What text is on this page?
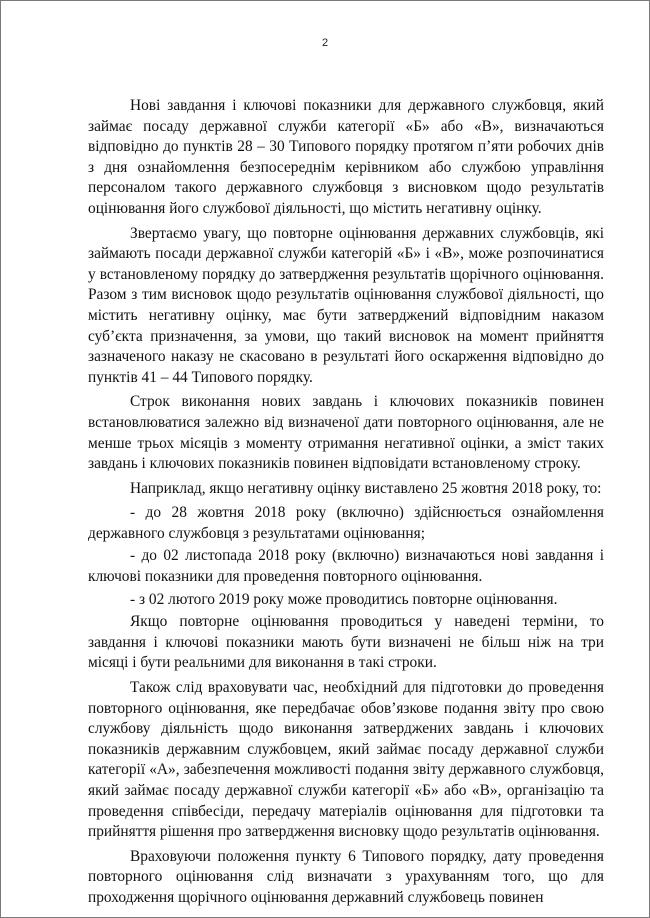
2

Нові завдання і ключові показники для державного службовця, який займає посаду державної служби категорії «Б» або «В», визначаються відповідно до пунктів 28 – 30 Типового порядку протягом п’яти робочих днів з дня ознайомлення безпосереднім керівником або службою управління персоналом такого державного службовця з висновком щодо результатів оцінювання його службової діяльності, що містить негативну оцінку.

Звертаємо увагу, що повторне оцінювання державних службовців, які займають посади державної служби категорій «Б» і «В», може розпочинатися у встановленому порядку до затвердження результатів щорічного оцінювання. Разом з тим висновок щодо результатів оцінювання службової діяльності, що містить негативну оцінку, має бути затверджений відповідним наказом суб’єкта призначення, за умови, що такий висновок на момент прийняття зазначеного наказу не скасовано в результаті його оскарження відповідно до пунктів 41 – 44 Типового порядку.

Строк виконання нових завдань і ключових показників повинен встановлюватися залежно від визначеної дати повторного оцінювання, але не менше трьох місяців з моменту отримання негативної оцінки, а зміст таких завдань і ключових показників повинен відповідати встановленому строку.

Наприклад, якщо негативну оцінку виставлено 25 жовтня 2018 року, то:

- до 28 жовтня 2018 року (включно) здійснюється ознайомлення державного службовця з результатами оцінювання;

- до 02 листопада 2018 року (включно) визначаються нові завдання і ключові показники для проведення повторного оцінювання.

- з 02 лютого 2019 року може проводитись повторне оцінювання.

Якщо повторне оцінювання проводиться у наведені терміни, то завдання і ключові показники мають бути визначені не більш ніж на три місяці і бути реальними для виконання в такі строки.

Також слід враховувати час, необхідний для підготовки до проведення повторного оцінювання, яке передбачає обов’язкове подання звіту про свою службову діяльність щодо виконання затверджених завдань і ключових показників державним службовцем, який займає посаду державної служби категорії «А», забезпечення можливості подання звіту державного службовця, який займає посаду державної служби категорії «Б» або «В», організацію та проведення співбесіди, передачу матеріалів оцінювання для підготовки та прийняття рішення про затвердження висновку щодо результатів оцінювання.

Враховуючи положення пункту 6 Типового порядку, дату проведення повторного оцінювання слід визначати з урахуванням того, що для проходження щорічного оцінювання державний службовець повинен
